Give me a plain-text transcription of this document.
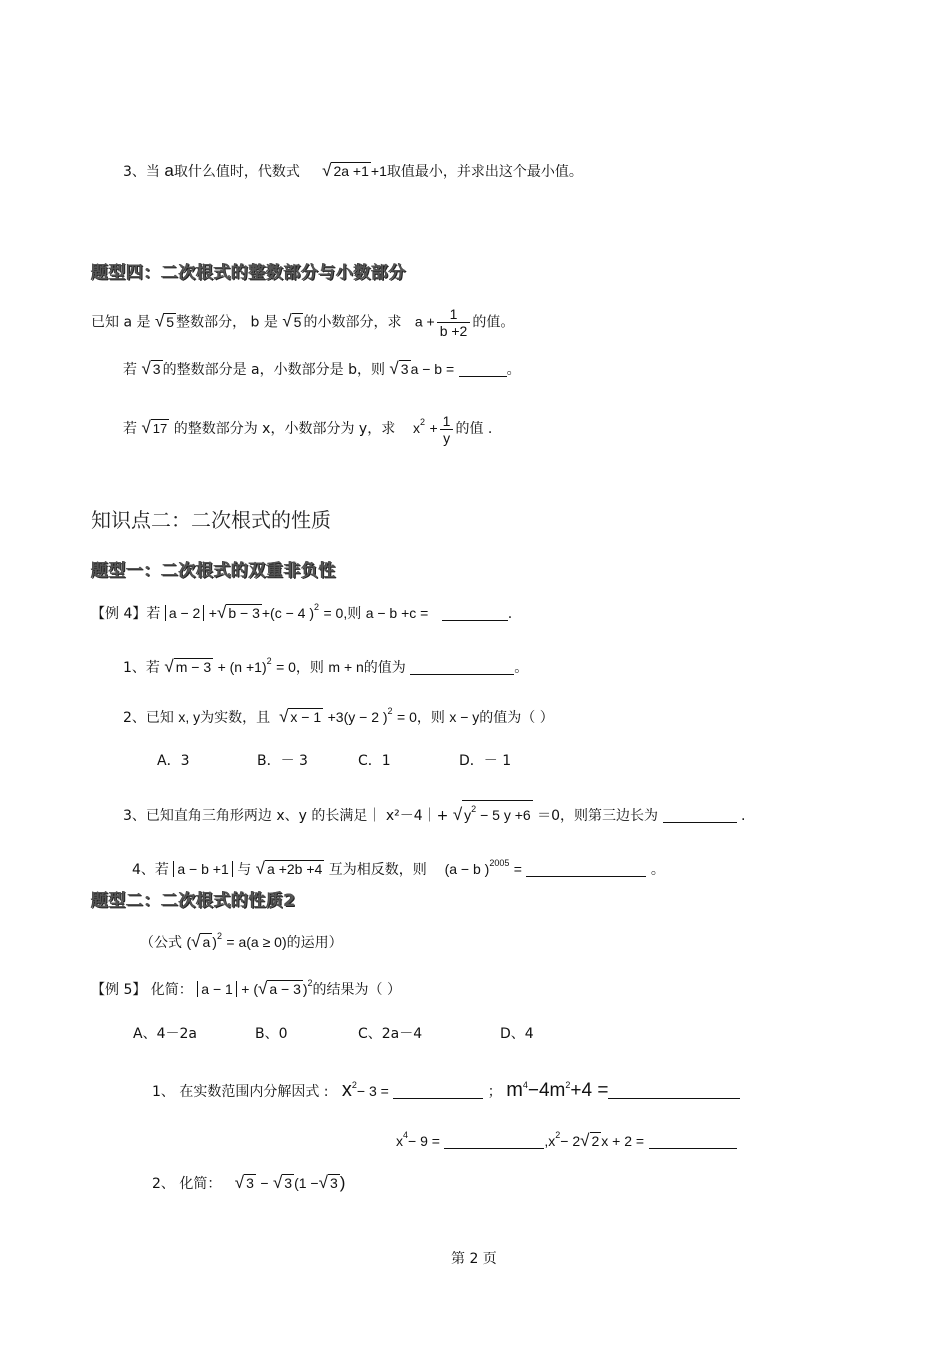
3、当 a取什么值时，代数式 √ 2a +1 +1取值最小，并求出这个最小值。
题型四：二次根式的整数部分与小数部分
已知 a 是 √ 5 整数部分， b 是 √ 5 的小数部分，求 $a + \frac{1}{b +2}$ 的值。
若 √ 3 的整数部分是 a，小数部分是 b，则 √ 3 a − b =	。
若 √ 17 的整数部分为 x，小数部分为 y，求 $x^2 + \frac{1}{y}$ 的值 .
知识点二：二次根式的性质
题型一：二次根式的双重非负性
【例 4】若 a − 2 +√ b − 3 +(c − 4 )$^2$ = 0,则 a − b +c =	.
1、若 √ $m - 3 + (n +1)^2 = 0$，则 m + n的值为	。
2、已知 x, y为实数，且 √ x − 1 +3(y − 2 )$^2$ = 0，则 x − y的值为（ ）
A．3	B．－ 3	C．1	D．－ 1
3、已知直角三角形两边 x、y 的长满足｜ x²－4｜+ √ $y^2 - 5$ y +6 ＝0，则第三边长为	.
4、若 a − b +1 与 √ a +2b +4 互为相反数，则 (a − b )$^{2005}$ =	。
题型二：二次根式的性质2
（公式 (√ a )$^2$ = a(a ≥ 0)的运用）
【例 5】 化简： a − 1 + (√ a − 3 )$^2$的结果为（ ）
A、4－2a	B、0	C、2a－4	D、4
1、 在实数范围内分解因式 : $x^2- 3$ =	； $m^4-4m^2+4$ =
$x^4- 9$ =	$,x^2- 2√$ 2 x + 2 =
2、 化简： √ 3 − √ 3 (1 −√ 3 )
第 2 页
